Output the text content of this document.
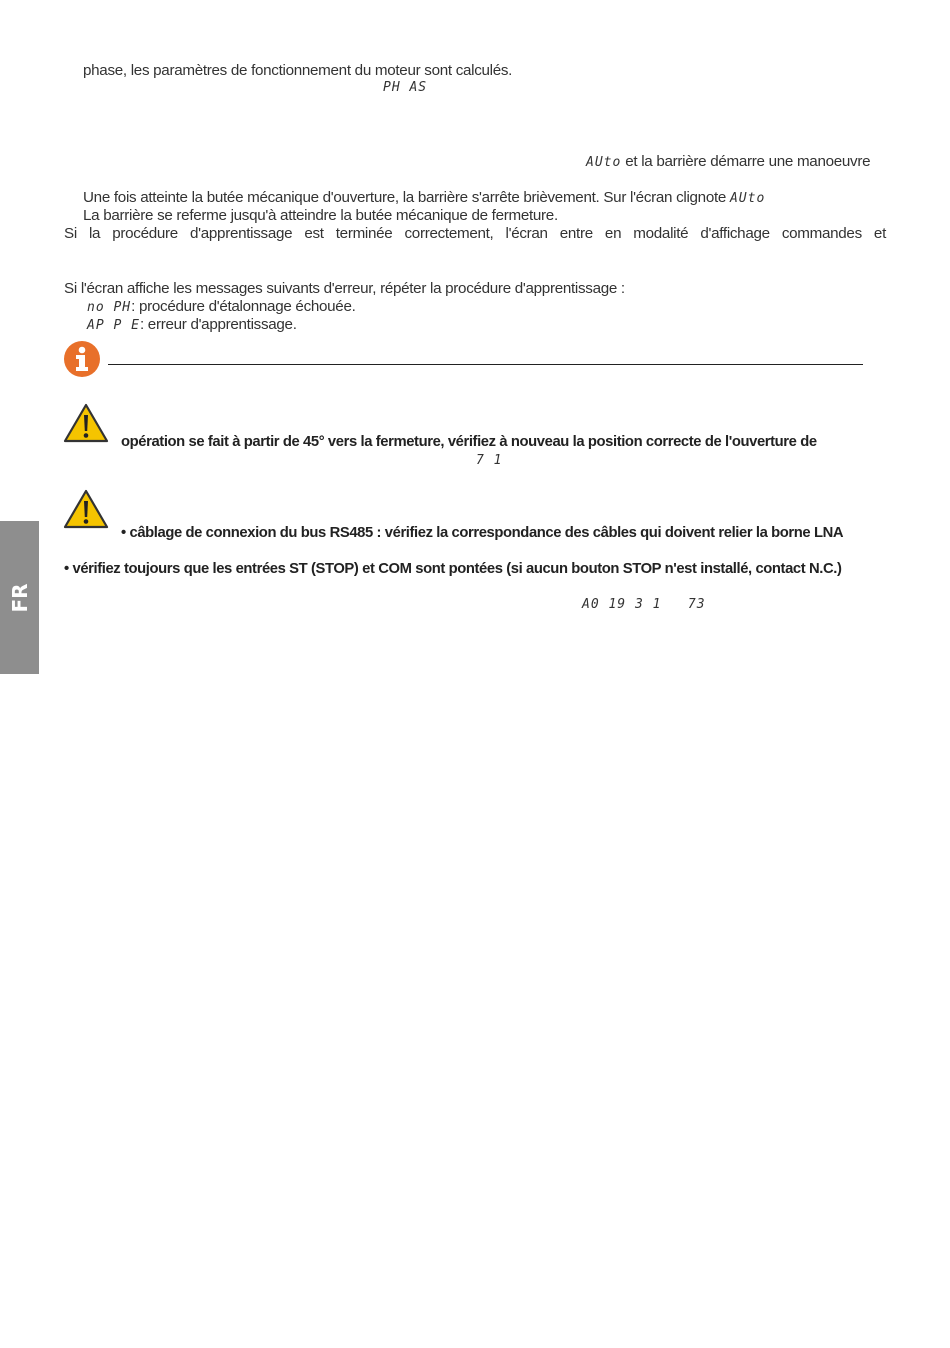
phase, les paramètres de fonctionnement du moteur sont calculés.
PH AS
AUto et la barrière démarre une manoeuvre
Une fois atteinte la butée mécanique d'ouverture, la barrière s'arrête brièvement. Sur l'écran clignote AUto
La barrière se referme jusqu'à atteindre la butée mécanique de fermeture.
Si la procédure d'apprentissage est terminée correctement, l'écran entre en modalité d'affichage commandes et
Si l'écran affiche les messages suivants d'erreur, répéter la procédure d'apprentissage :
no PH: procédure d'étalonnage échouée.
AP P E: erreur d'apprentissage.
opération se fait à partir de 45° vers la fermeture, vérifiez à nouveau la position correcte de l'ouverture de
7 1
• câblage de connexion du bus RS485 : vérifiez la correspondance des câbles qui doivent relier la borne LNA
• vérifiez toujours que les entrées ST (STOP) et COM sont pontées (si aucun bouton STOP n'est installé, contact N.C.)
A0 19 3 1   73
FR
